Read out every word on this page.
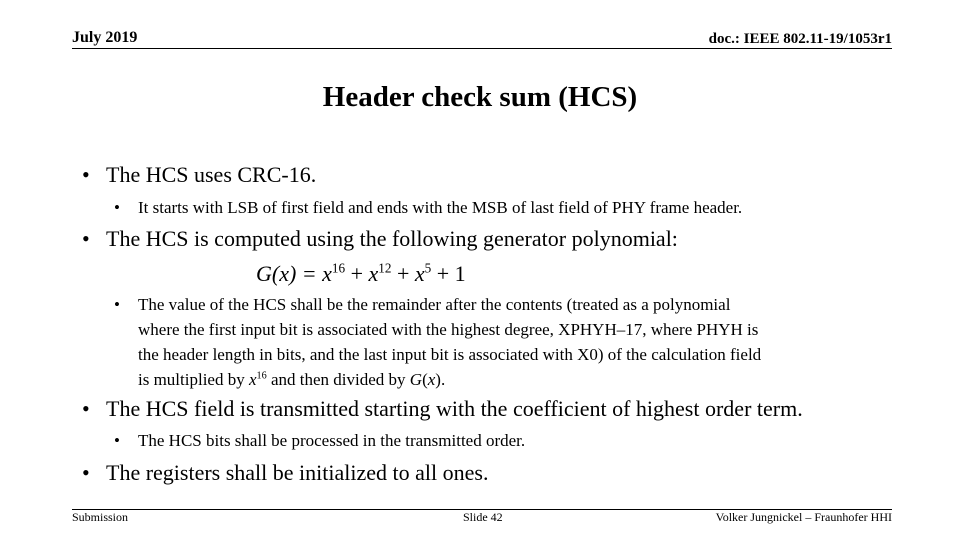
July 2019	doc.: IEEE 802.11-19/1053r1
Header check sum (HCS)
• The HCS uses CRC-16.
• It starts with LSB of first field and ends with the MSB of last field of PHY frame header.
• The HCS is computed using the following generator polynomial:
$G(x) = x^{16} + x^{12} + x^5 + 1$
• The value of the HCS shall be the remainder after the contents (treated as a polynomial
where the first input bit is associated with the highest degree, XPHYH–17, where PHYH is
the header length in bits, and the last input bit is associated with X0) of the calculation field
is multiplied by $x^{16}$ and then divided by G(x).
• The HCS field is transmitted starting with the coefficient of highest order term.
• The HCS bits shall be processed in the transmitted order.
• The registers shall be initialized to all ones.
Submission	Slide 42	Volker Jungnickel – Fraunhofer HHI
